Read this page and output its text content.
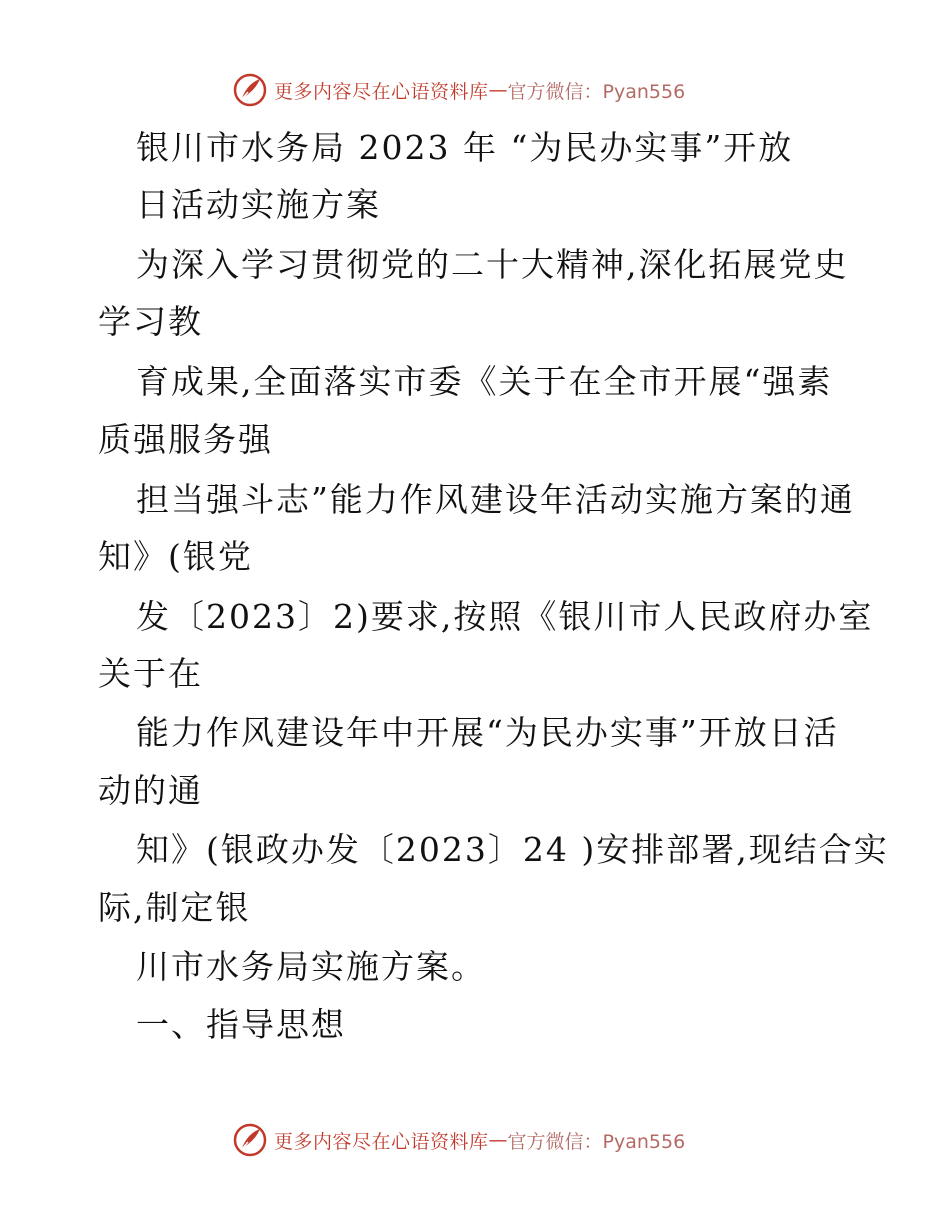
更多内容尽在心语资料库 — 官方微信：Pyan556
银川市水务局 2023 年 “为民办实事”开放
日活动实施方案
为深入学习贯彻党的二十大精神,深化拓展党史
学习教
育成果,全面落实市委《关于在全市开展“强素
质强服务强
担当强斗志”能力作风建设年活动实施方案的通
知》(银党
发〔2023〕2)要求,按照《银川市人民政府办室
关于在
能力作风建设年中开展“为民办实事”开放日活
动的通
知》(银政办发〔2023〕24 )安排部署,现结合实
际,制定银
川市水务局实施方案。
一、指导思想
更多内容尽在心语资料库 — 官方微信：Pyan556
